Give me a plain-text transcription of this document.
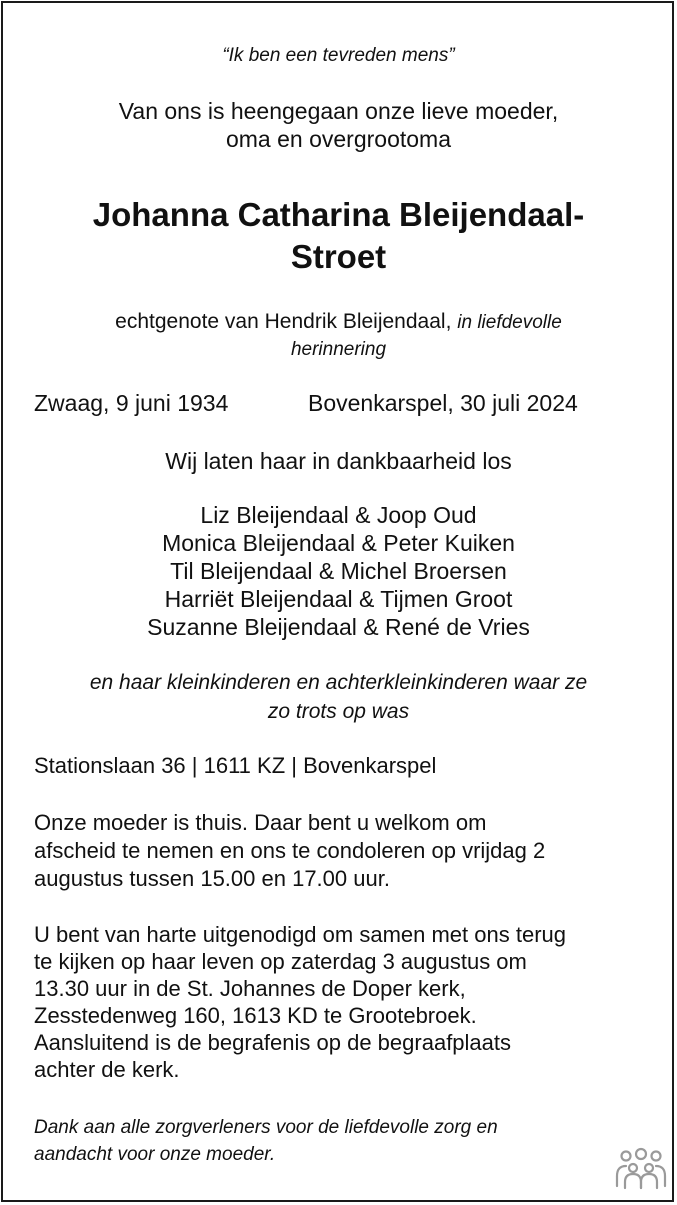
“Ik ben een tevreden mens”

Van ons is heengegaan onze lieve moeder,

oma en overgrootoma

Johanna Catharina Bleijendaal-

Stroet

echtgenote van Hendrik Bleijendaal, in liefdevolle

herinnering

Zwaag, 9 juni 1934	Bovenkarspel, 30 juli 2024

Wij laten haar in dankbaarheid los

Liz Bleijendaal & Joop Oud

Monica Bleijendaal & Peter Kuiken

Til Bleijendaal & Michel Broersen

Harriët Bleijendaal & Tijmen Groot

Suzanne Bleijendaal & René de Vries

en haar kleinkinderen en achterkleinkinderen waar ze

zo trots op was

Stationslaan 36 | 1611 KZ | Bovenkarspel

Onze moeder is thuis. Daar bent u welkom om

afscheid te nemen en ons te condoleren op vrijdag 2

augustus tussen 15.00 en 17.00 uur.

U bent van harte uitgenodigd om samen met ons terug

te kijken op haar leven op zaterdag 3 augustus om

13.30 uur in de St. Johannes de Doper kerk,

Zesstedenweg 160, 1613 KD te Grootebroek.

Aansluitend is de begrafenis op de begraafplaats

achter de kerk.

Dank aan alle zorgverleners voor de liefdevolle zorg en

aandacht voor onze moeder.
